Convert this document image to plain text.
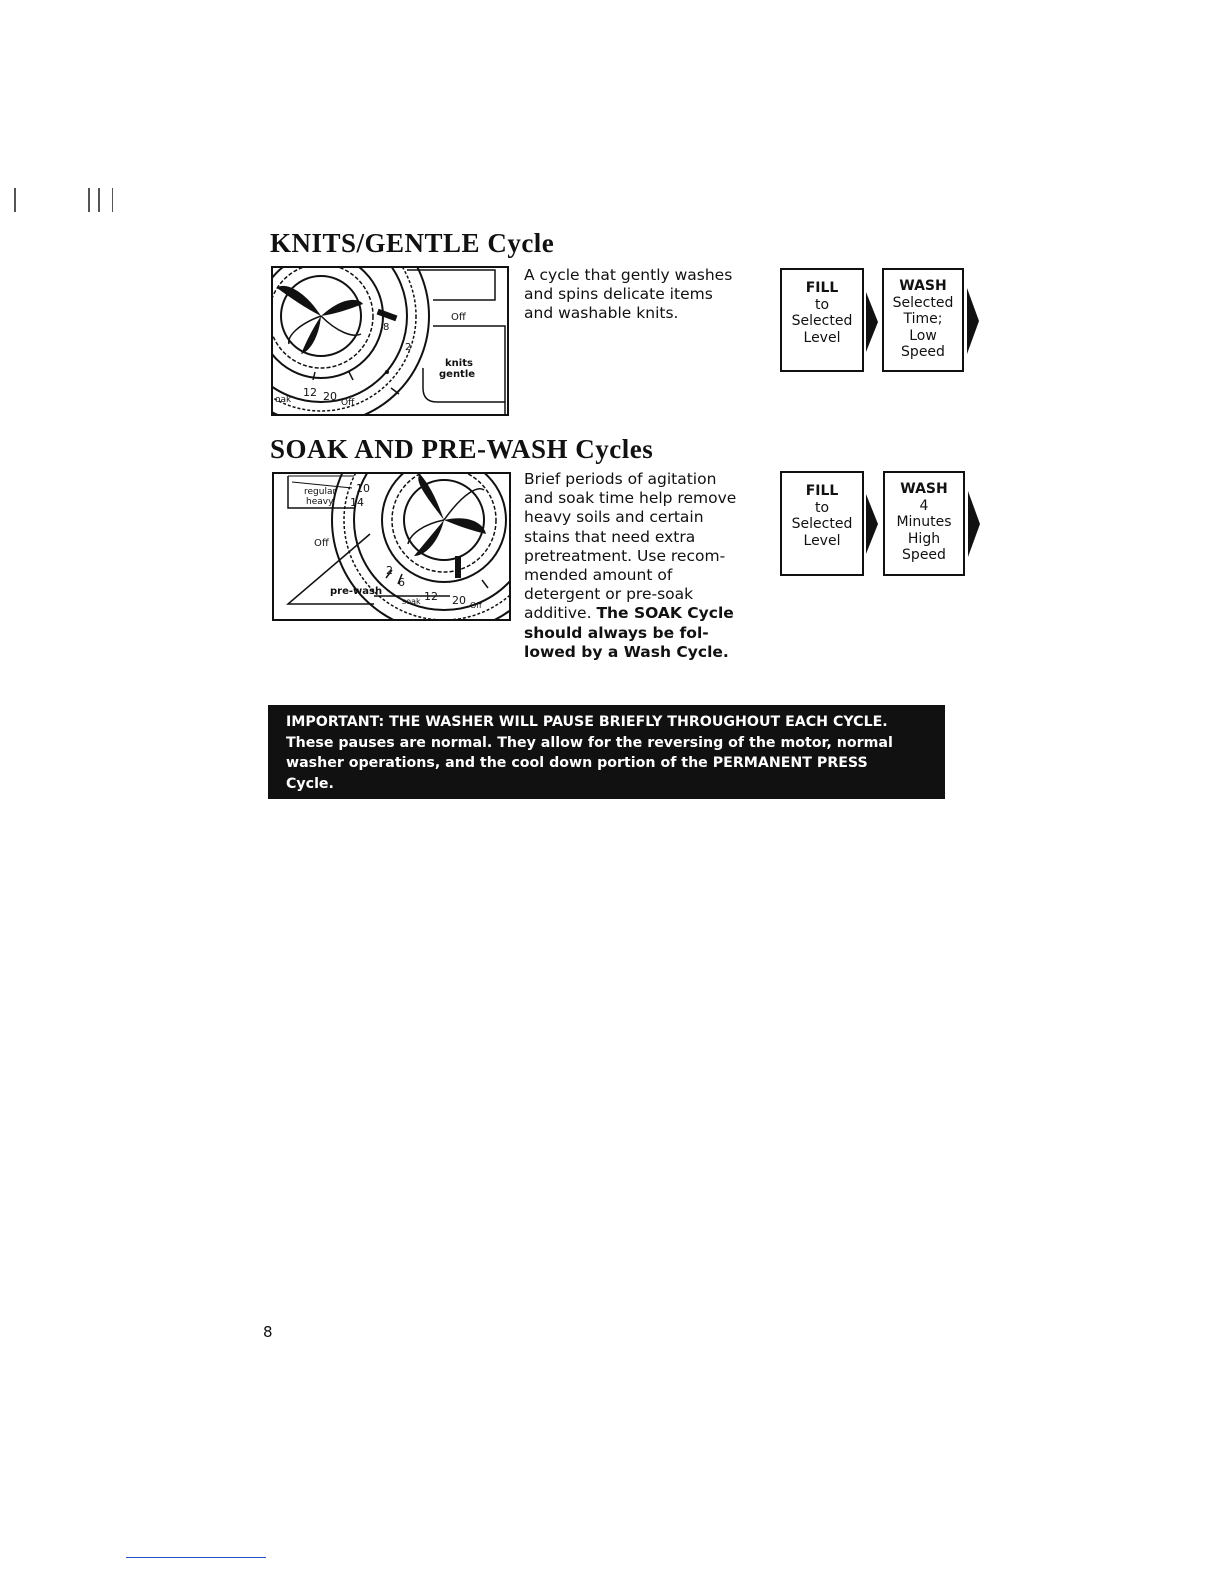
KNITS/GENTLE Cycle
Off
8
2
knits
gentle
oak
12 20 Off

A cycle that gently washes
and spins delicate items
and washable knits.

FILL
to
Selected
Level
WASH
Selected
Time;
Low
Speed
SOAK AND PRE-WASH Cycles
regular
heavy
10
14
Off
2
6
pre-wash
soak 12 20 Off

Brief periods of agitation
and soak time help remove
heavy soils and certain
stains that need extra
pretreatment. Use recom-
mended amount of
detergent or pre-soak
additive. The SOAK Cycle
should always be fol-
lowed by a Wash Cycle.

FILL
to
Selected
Level
WASH
4
Minutes
High
Speed
IMPORTANT: THE WASHER WILL PAUSE BRIEFLY THROUGHOUT EACH CYCLE.
These pauses are normal. They allow for the reversing of the motor, normal
washer operations, and the cool down portion of the PERMANENT PRESS
Cycle.
8
